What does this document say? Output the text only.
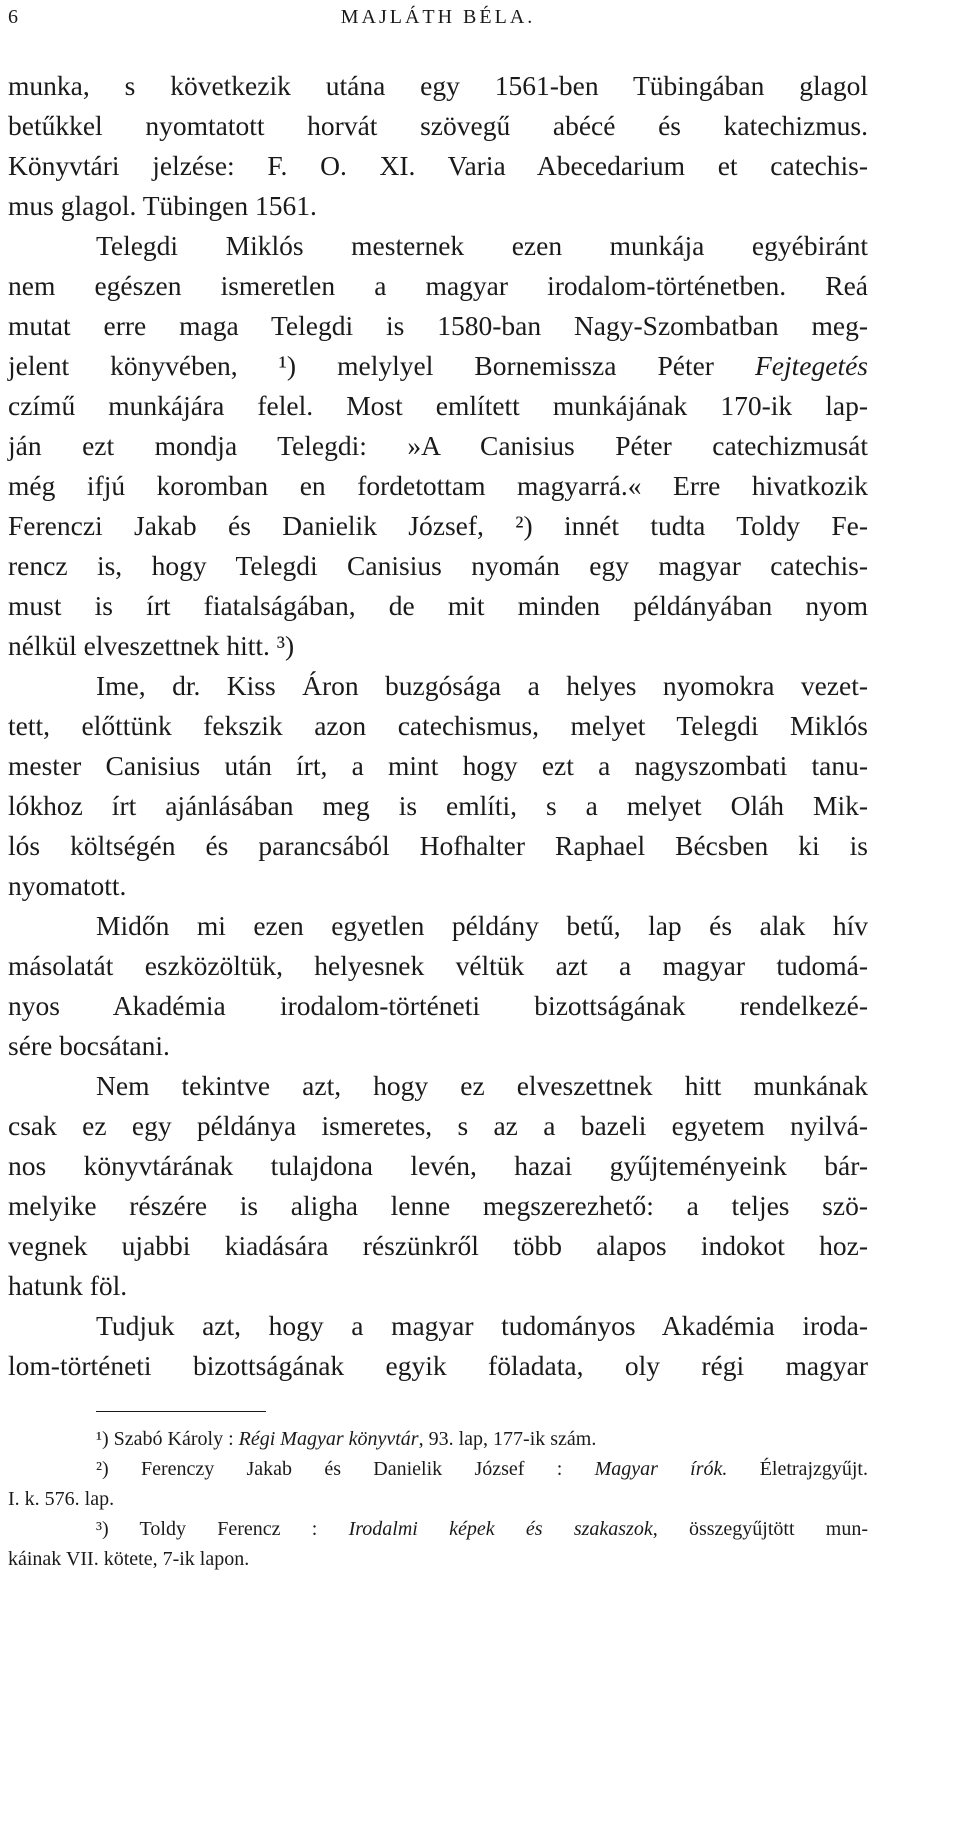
6	MAJLÁTH BÉLA.
munka, s következik utána egy 1561-ben Tübingában glagol
betűkkel nyomtatott horvát szövegű abécé és katechizmus.
Könyvtári jelzése: F. O. XI. Varia Abecedarium et catechis-
mus glagol. Tübingen 1561.
Telegdi Miklós mesternek ezen munkája egyébiránt
nem egészen ismeretlen a magyar irodalom-történetben. Reá
mutat erre maga Telegdi is 1580-ban Nagy-Szombatban meg-
jelent könyvében, ¹) melylyel Bornemissza Péter Fejtegetés
czímű munkájára felel. Most említett munkájának 170-ik lap-
ján ezt mondja Telegdi: »A Canisius Péter catechizmusát
még ifjú koromban en fordetottam magyarrá.« Erre hivatkozik
Ferenczi Jakab és Danielik József, ²) innét tudta Toldy Fe-
rencz is, hogy Telegdi Canisius nyomán egy magyar catechis-
must is írt fiatalságában, de mit minden példányában nyom
nélkül elveszettnek hitt. ³)
Ime, dr. Kiss Áron buzgósága a helyes nyomokra vezet-
tett, előttünk fekszik azon catechismus, melyet Telegdi Miklós
mester Canisius után írt, a mint hogy ezt a nagyszombati tanu-
lókhoz írt ajánlásában meg is említi, s a melyet Oláh Mik-
lós költségén és parancsából Hofhalter Raphael Bécsben ki is
nyomatott.
Midőn mi ezen egyetlen példány betű, lap és alak hív
másolatát eszközöltük, helyesnek véltük azt a magyar tudomá-
nyos Akadémia irodalom-történeti bizottságának rendelkezé-
sére bocsátani.
Nem tekintve azt, hogy ez elveszettnek hitt munkának
csak ez egy példánya ismeretes, s az a bazeli egyetem nyilvá-
nos könyvtárának tulajdona levén, hazai gyűjteményeink bár-
melyike részére is aligha lenne megszerezhető: a teljes szö-
vegnek ujabbi kiadására részünkről több alapos indokot hoz-
hatunk föl.
Tudjuk azt, hogy a magyar tudományos Akadémia iroda-
lom-történeti bizottságának egyik föladata, oly régi magyar
¹) Szabó Károly : Régi Magyar könyvtár, 93. lap, 177-ik szám.
²) Ferenczy Jakab és Danielik József : Magyar írók. Életrajzgyűjt.
I. k. 576. lap.
³) Toldy Ferencz : Irodalmi képek és szakaszok, összegyűjtött mun-
káinak VII. kötete, 7-ik lapon.
